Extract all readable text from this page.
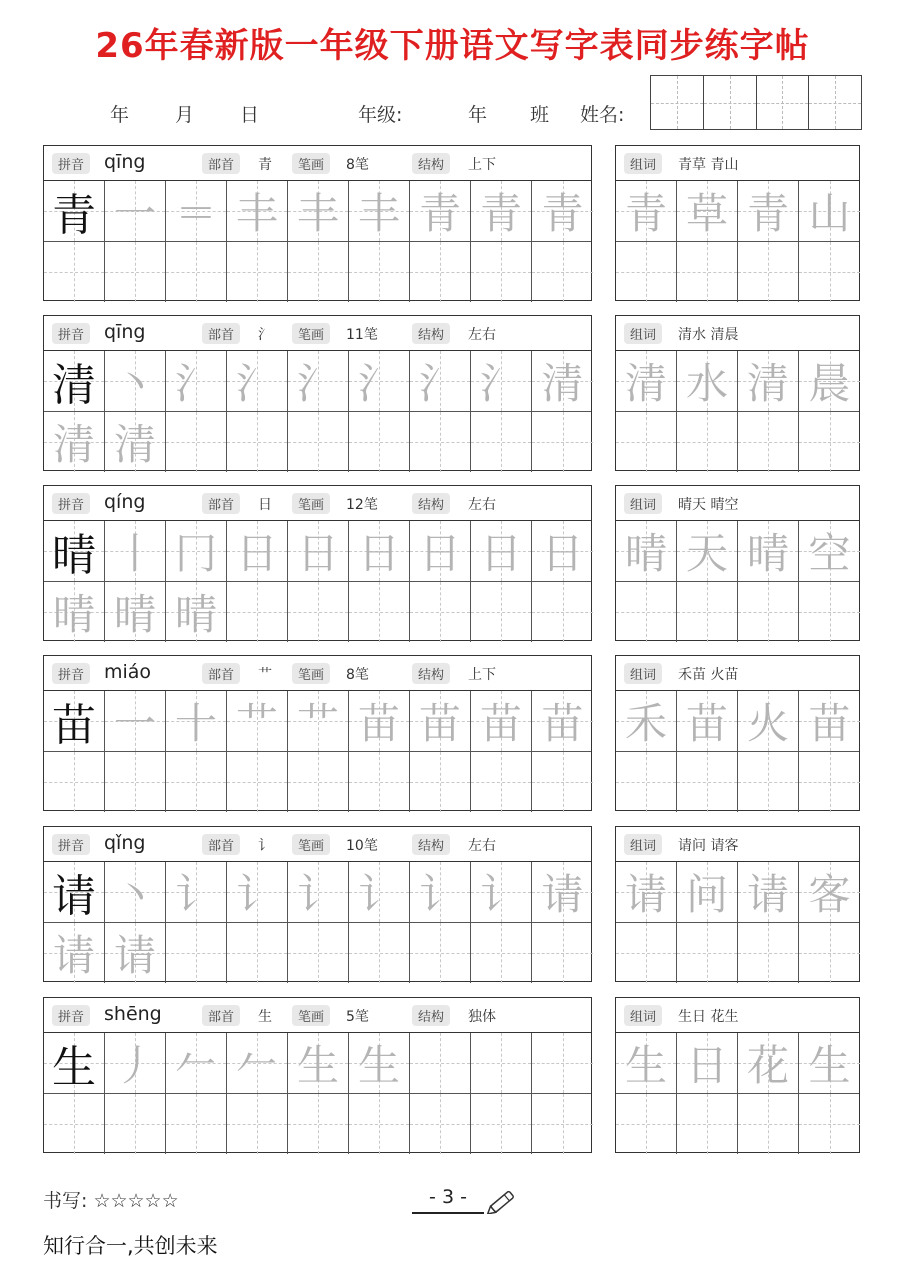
26年春新版一年级下册语文写字表同步练字帖
年 月 日	年级:	年 班 姓名:
拼音	qīng	部首	青	笔画	8笔	结构	上下
青 一 ＝ 丰 丰 丰 青 青 青
组词	青草 青山
青 草 青 山
拼音	qīng	部首	氵	笔画	11笔	结构	左右
清 丶 氵 氵 氵 氵 氵 氵 清
清 清
组词	清水 清晨
清 水 清 晨
拼音	qíng	部首	日	笔画	12笔	结构	左右
晴 丨 冂 日 日 日 日 日 日
晴 晴 晴
组词	晴天 晴空
晴 天 晴 空
拼音	miáo	部首	艹	笔画	8笔	结构	上下
苗 一 十 艹 艹 苗 苗 苗 苗
组词	禾苗 火苗
禾 苗 火 苗
拼音	qǐng	部首	讠	笔画	10笔	结构	左右
请 丶 讠 讠 讠 讠 讠 讠 请
请 请
组词	请问 请客
请 问 请 客
拼音	shēng	部首	生	笔画	5笔	结构	独体
生 丿 𠂉 𠂉 生 生
组词	生日 花生
生 日 花 生
书写: ☆☆☆☆☆	- 3 -
知行合一,共创未来
